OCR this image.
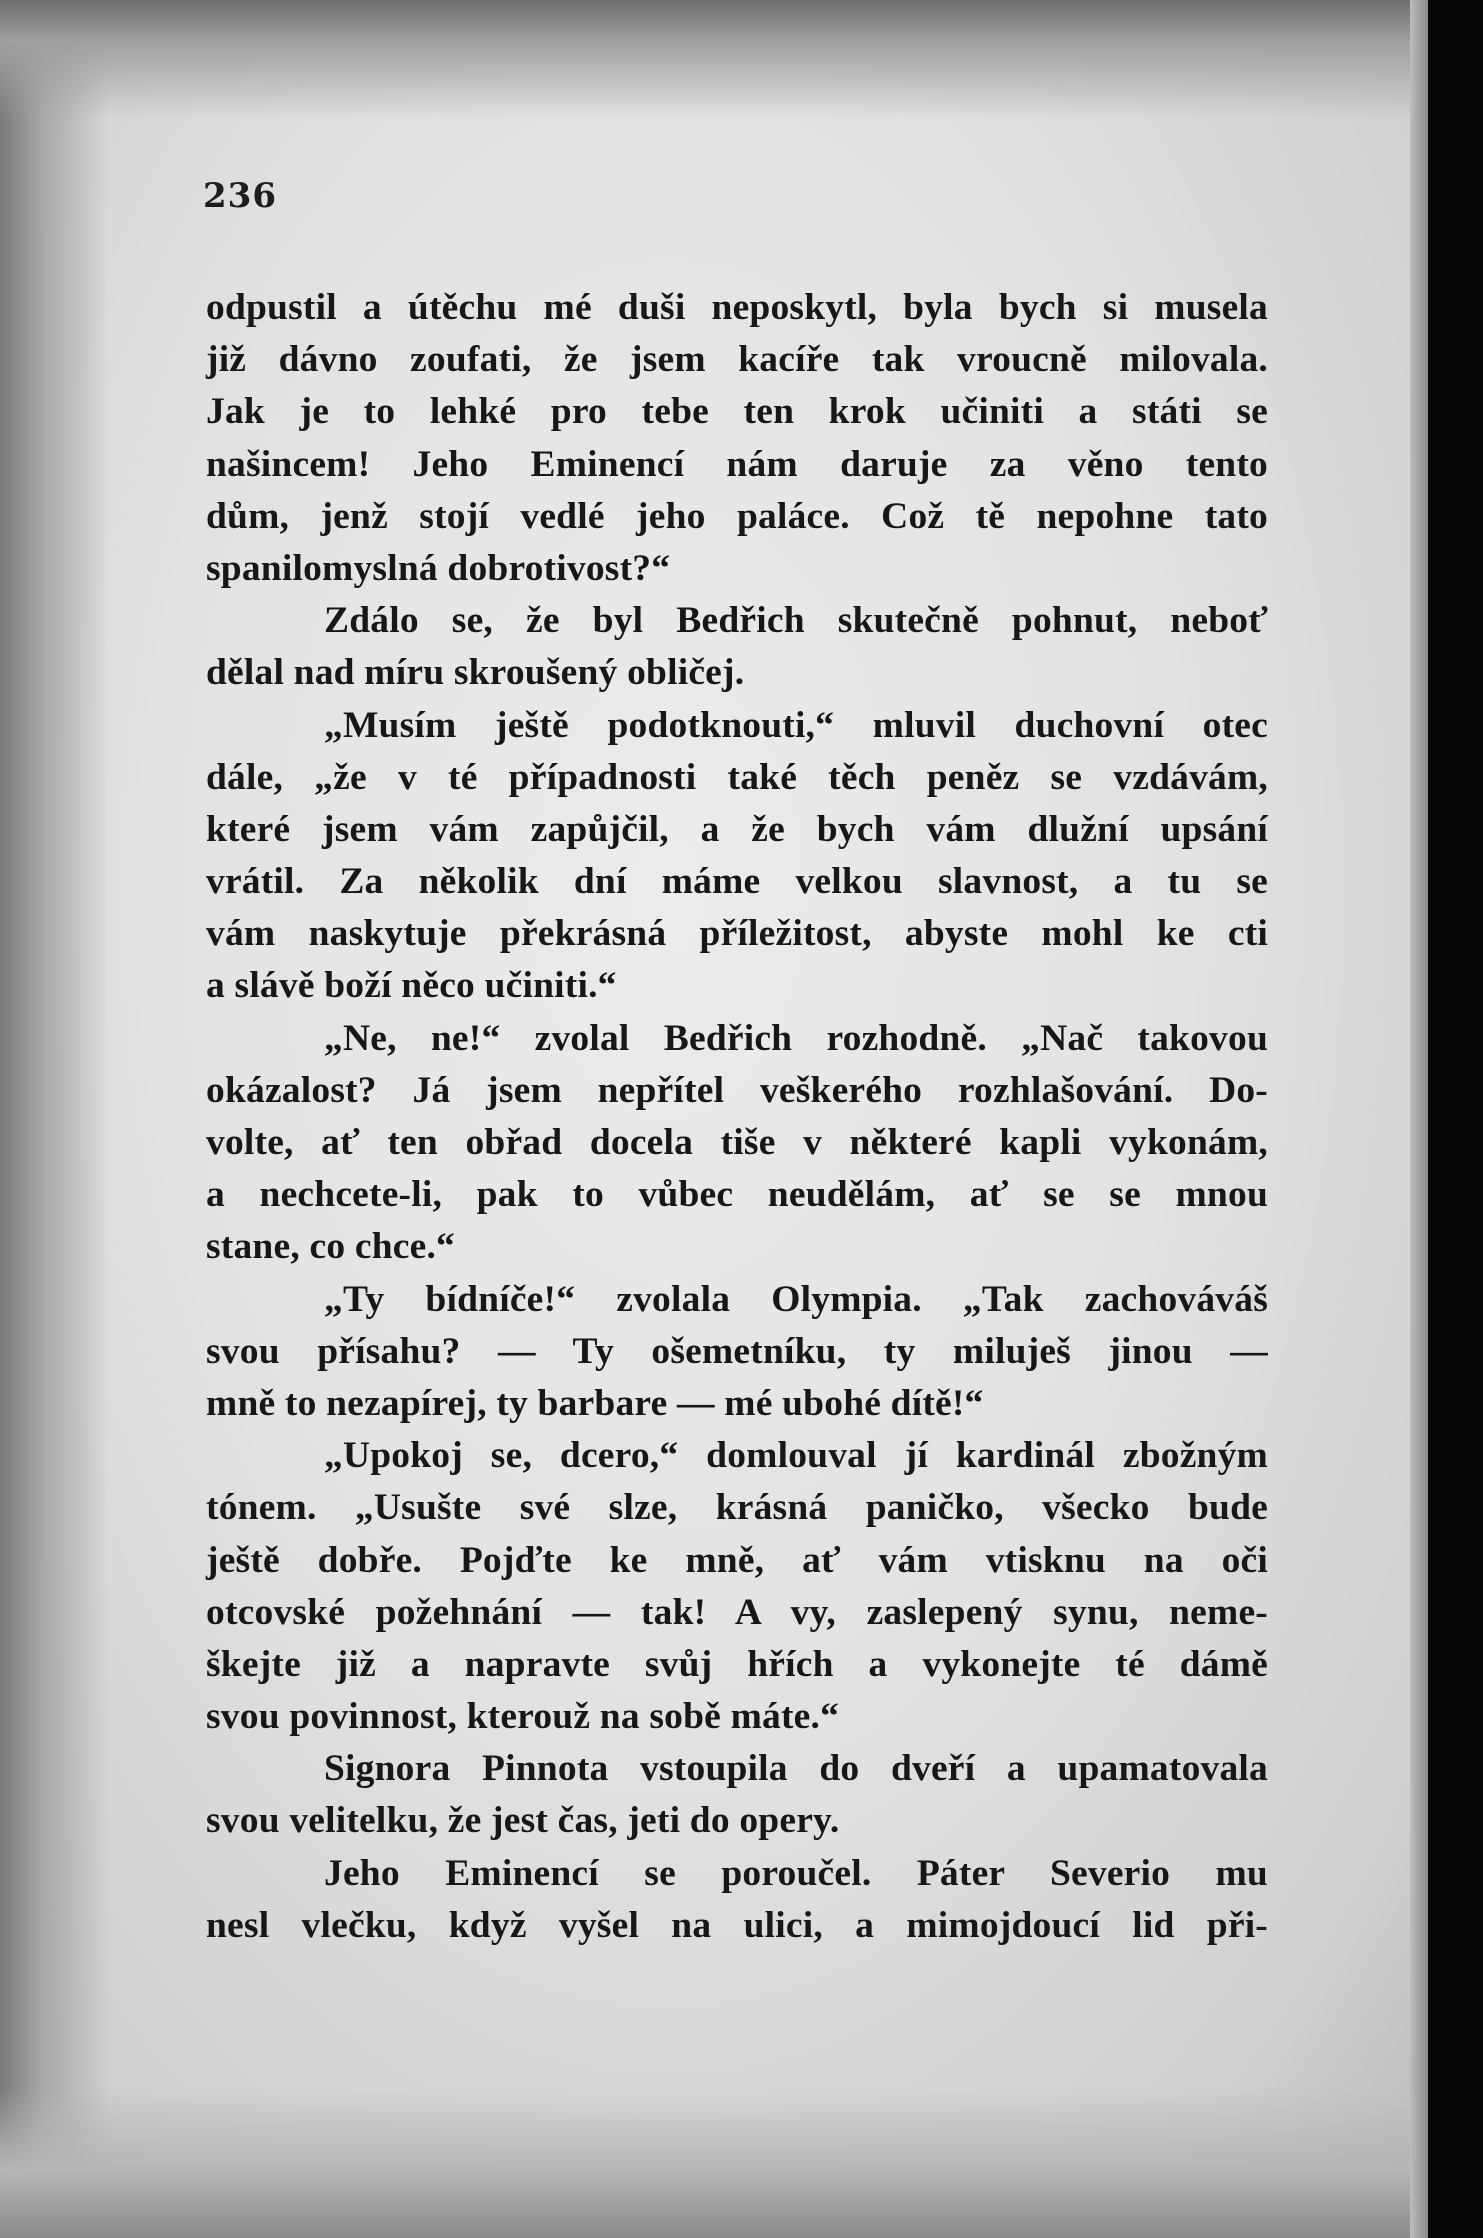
236
odpustil a útěchu mé duši neposkytl, byla bych si musela
již dávno zoufati, že jsem kacíře tak vroucně milovala.
Jak je to lehké pro tebe ten krok učiniti a státi se
našincem! Jeho Eminencí nám daruje za věno tento
dům, jenž stojí vedlé jeho paláce. Což tě nepohne tato
spanilomyslná dobrotivost?“
Zdálo se, že byl Bedřich skutečně pohnut, neboť
dělal nad míru skroušený obličej.
„Musím ještě podotknouti,“ mluvil duchovní otec
dále, „že v té případnosti také těch peněz se vzdávám,
které jsem vám zapůjčil, a že bych vám dlužní upsání
vrátil. Za několik dní máme velkou slavnost, a tu se
vám naskytuje překrásná příležitost, abyste mohl ke cti
a slávě boží něco učiniti.“
„Ne, ne!“ zvolal Bedřich rozhodně. „Nač takovou
okázalost? Já jsem nepřítel veškerého rozhlašování. Do-
volte, ať ten obřad docela tiše v některé kapli vykonám,
a nechcete-li, pak to vůbec neudělám, ať se se mnou
stane, co chce.“
„Ty bídníče!“ zvolala Olympia. „Tak zachováváš
svou přísahu? — Ty ošemetníku, ty miluješ jinou —
mně to nezapírej, ty barbare — mé ubohé dítě!“
„Upokoj se, dcero,“ domlouval jí kardinál zbožným
tónem. „Usušte své slze, krásná paničko, všecko bude
ještě dobře. Pojďte ke mně, ať vám vtisknu na oči
otcovské požehnání — tak! A vy, zaslepený synu, neme-
škejte již a napravte svůj hřích a vykonejte té dámě
svou povinnost, kterouž na sobě máte.“
Signora Pinnota vstoupila do dveří a upamatovala
svou velitelku, že jest čas, jeti do opery.
Jeho Eminencí se poroučel. Páter Severio mu
nesl vlečku, když vyšel na ulici, a mimojdoucí lid při-
